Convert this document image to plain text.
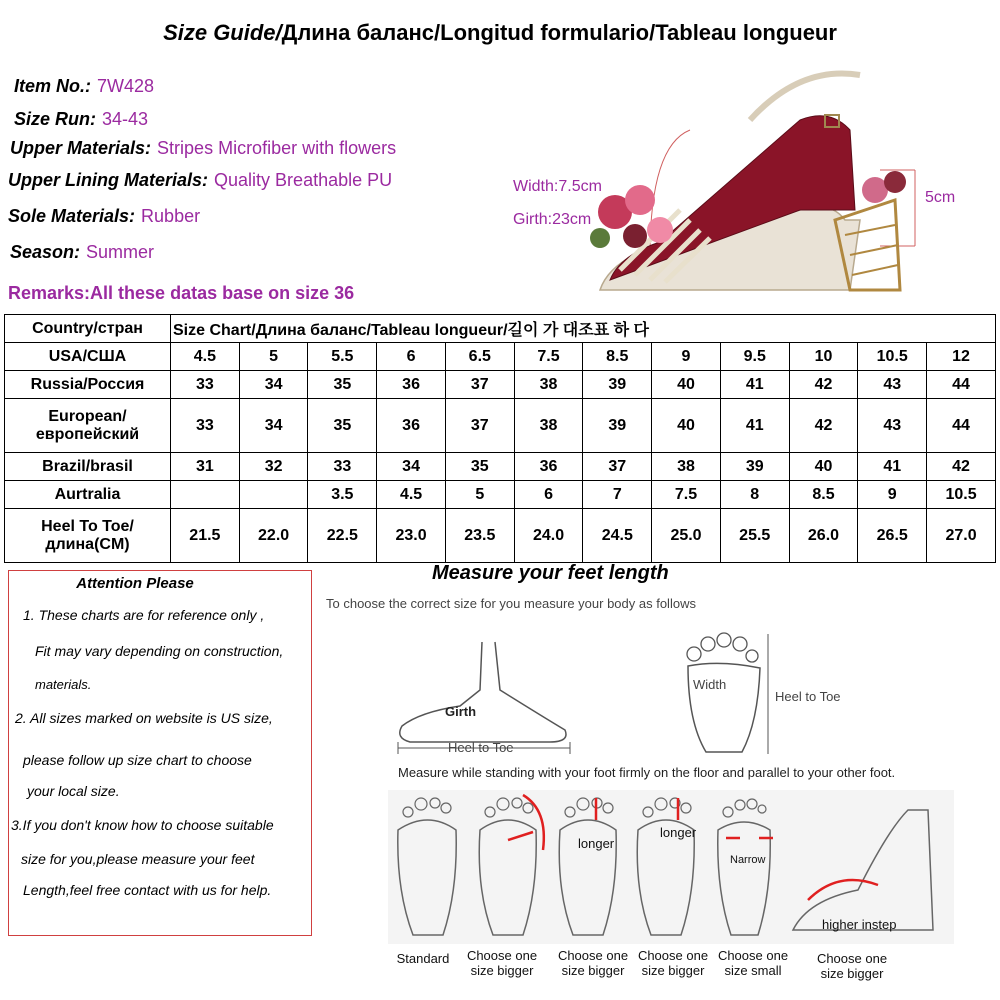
Size Guide/Длина баланс/Longitud formulario/Tableau longueur
Item No.: 7W428
Size Run: 34-43
Upper Materials: Stripes Microfiber with flowers
Upper Lining Materials: Quality Breathable PU
Sole Materials: Rubber
Season: Summer
Remarks:All these datas base on size 36
Width:7.5cm
Girth:23cm
5cm
Country/стран	Size Chart/Длина баланс/Tableau longueur/길이 가 대조표 하 다											
USA/США	4.5	5	5.5	6	6.5	7.5	8.5	9	9.5	10	10.5	12
Russia/Россия	33	34	35	36	37	38	39	40	41	42	43	44
European/европейский	33	34	35	36	37	38	39	40	41	42	43	44
Brazil/brasil	31	32	33	34	35	36	37	38	39	40	41	42
Aurtralia			3.5	4.5	5	6	7	7.5	8	8.5	9	10.5
Heel To Toe/длина(CM)	21.5	22.0	22.5	23.0	23.5	24.0	24.5	25.0	25.5	26.0	26.5	27.0
Attention Please
1. These charts are for reference only ,
Fit may vary depending on construction,
materials.
2. All sizes marked on website is US size,
please follow up size chart to choose
your local size.
3.If you don't know how to choose suitable
size for you,please measure your feet
Length,feel free contact with us for help.
Measure your feet length
To choose the correct size for you measure your body as follows
Girth
Heel to Toe
Width
Heel to Toe
Measure while standing with your foot firmly on the floor and parallel to your other foot.
longer
longer
Narrow
higher instep
Standard	Choose one size bigger
Choose one size bigger
Choose one size bigger
Choose one size small
Choose one size bigger
